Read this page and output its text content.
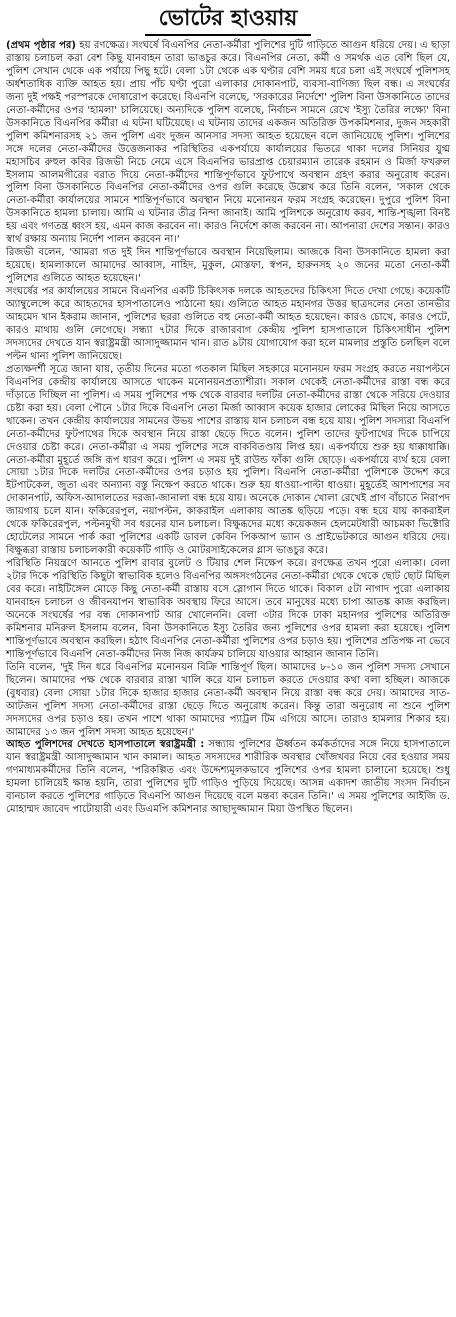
ভোটের হাওয়ায়

(প্রথম পৃষ্ঠার পর) হয় রণক্ষেত্র। সংঘর্ষে বিএনপির নেতা-কর্মীরা পুলিশের দুটি গাড়িতে আগুন ধরিয়ে দেয়। এ ছাড়া রাস্তায় চলাচল করা বেশ কিছু যানবাহন তারা ভাঙচুর করে। বিএনপির নেতা, কর্মী ও সমর্থক এত বেশি ছিল যে, পুলিশ সেখান থেকে এক পর্যায়ে পিছু হটে। বেলা ১টা থেকে এক ঘণ্টার বেশি সময় ধরে চলা এই সংঘর্ষে পুলিশসহ অর্ধশতাধিক ব্যক্তি আহত হয়। প্রায় পাঁচ ঘণ্টা পুরো এলাকার দোকানপাট, ব্যবসা-বাণিজ্য ছিল বন্ধ। এ সংঘর্ষের জন্য দুই পক্ষই পরস্পরকে দোষারোপ করেছে। বিএনপি বলেছে, 'সরকারের নির্দেশে' পুলিশ বিনা উসকানিতে তাদের নেতা-কর্মীদের ওপর 'হামলা' চালিয়েছে। অন্যদিকে পুলিশ বলেছে, নির্বাচন সামনে রেখে 'ইস্যু তৈরির লক্ষ্যে' বিনা উসকানিতে বিএনপির কর্মীরা এ ঘটনা ঘটিয়েছে। এ ঘটনায় তাদের একজন অতিরিক্ত উপকমিশনার, দুজন সহকারী পুলিশ কমিশনারসহ ২১ জন পুলিশ এবং দুজন আনসার সদস্য আহত হয়েছেন বলে জানিয়েছে পুলিশ। পুলিশের সঙ্গে দলের নেতা-কর্মীদের উত্তেজনাকর পরিস্থিতির একপর্যায়ে কার্যালয়ের ভিতরে থাকা দলের সিনিয়র যুগ্ম মহাসচিব রুহুল কবির রিজভী নিচে নেমে এসে বিএনপির ভারপ্রাপ্ত চেয়ারম্যান তারেক রহমান ও মির্জা ফখরুল ইসলাম আলমগীরের বরাত দিয়ে নেতা-কর্মীদের শান্তিপূর্ণভাবে ফুটপাথে অবস্থান গ্রহণ করার অনুরোধ করেন। পুলিশ বিনা উসকানিতে বিএনপির নেতা-কর্মীদের ওপর গুলি করেছে উল্লেখ করে তিনি বলেন, 'সকাল থেকে নেতা-কর্মীরা কার্যালয়ের সামনে শান্তিপূর্ণভাবে অবস্থান নিয়ে মনোনয়ন ফরম সংগ্রহ করেছেন। দুপুরে পুলিশ বিনা উসকানিতে হামলা চালায়। আমি এ ঘটনার তীব্র নিন্দা জানাই। আমি পুলিশকে অনুরোধ করব, শান্তি-শৃঙ্খলা বিনষ্ট হয় এবং গণতন্ত্র ধ্বংস হয়, এমন কাজ করবেন না। কারও নির্দেশে কাজ করবেন না। আপনারা দেশের সন্তান। কারও স্বার্থ রক্ষায় অন্যায় নির্দেশ পালন করবেন না।'

রিজভী বলেন, 'আমরা গত দুই দিন শান্তিপূর্ণভাবে অবস্থান নিয়েছিলাম। আজকে বিনা উসকানিতে হামলা করা হয়েছে। হামলাকালে আমাদের আব্বাস, নাহিদ, মুকুল, মোস্তফা, স্বপন, হারুনসহ ২০ জনের মতো নেতা-কর্মী পুলিশের গুলিতে আহত হয়েছেন।'

সংঘর্ষের পর কার্যালয়ের সামনে বিএনপির একটি চিকিৎসক দলকে আহতদের চিকিৎসা দিতে দেখা গেছে। কয়েকটি অ্যাম্বুলেন্সে করে আহতদের হাসপাতালেও পাঠানো হয়। গুলিতে আহত মহানগর উত্তর ছাত্রদলের নেতা তানভীর আহমেদ খান ইকরাম জানান, পুলিশের ছররা গুলিতে বহু নেতা-কর্মী আহত হয়েছেন। কারও চোখে, কারও পেটে, কারও মাথায় গুলি লেগেছে। সন্ধ্যা ৭টার দিকে রাজারবাগ কেন্দ্রীয় পুলিশ হাসপাতালে চিকিৎসাধীন পুলিশ সদস্যদের দেখতে যান স্বরাষ্ট্রমন্ত্রী আসাদুজ্জামান খান। রাত ৯টায় যোগাযোগ করা হলে মামলার প্রস্তুতি চলছিল বলে পল্টন থানা পুলিশ জানিয়েছে।

প্রত্যক্ষদর্শী সূত্রে জানা যায়, তৃতীয় দিনের মতো গতকাল মিছিল সহকারে মনোনয়ন ফরম সংগ্রহ করতে নয়াপল্টনে বিএনপির কেন্দ্রীয় কার্যালয়ে আসতে থাকেন মনোনয়নপ্রত্যাশীরা। সকাল থেকেই নেতা-কর্মীদের রাস্তা বন্ধ করে দাঁড়াতে দিচ্ছিল না পুলিশ। এ সময় পুলিশের পক্ষ থেকে বারবার দলটির নেতা-কর্মীদের রাস্তা থেকে সরিয়ে দেওয়ার চেষ্টা করা হয়। বেলা পৌনে ১টার দিকে বিএনপি নেতা মির্জা আব্বাস কয়েক হাজার লোকের মিছিল নিয়ে আসতে থাকেন। তখন কেন্দ্রীয় কার্যালয়ের সামনের উভয় পাশের রাস্তায় যান চলাচল বন্ধ হয়ে যায়। পুলিশ সদস্যরা বিএনপি নেতা-কর্মীদের ফুটপাথের দিকে অবস্থান নিয়ে রাস্তা ছেড়ে দিতে বলেন। পুলিশ তাদের ফুটপাথের দিকে চাপিয়ে দেওয়ার চেষ্টা করে। নেতা-কর্মীরা এ সময় পুলিশের সঙ্গে বাকবিতণ্ডায় লিপ্ত হয়। একপর্যায়ে শুরু হয় ধাক্কাধাক্কি। নেতা-কর্মীরা মুহূর্তে জঙ্গি রূপ ধারণ করে। পুলিশ এ সময় দুই রাউন্ড ফাঁকা গুলি ছোড়ে। একপর্যায়ে ব্যর্থ হয়ে বেলা সোয়া ১টার দিকে দলটির নেতা-কর্মীদের ওপর চড়াও হয় পুলিশ। বিএনপি নেতা-কর্মীরা পুলিশকে উদ্দেশ করে ইটপাটকেল, জুতা এবং অন্যান্য বস্তু নিক্ষেপ করতে থাকে। শুরু হয় ধাওয়া-পাল্টা ধাওয়া। মুহূর্তেই আশপাশের সব দোকানপাট, অফিস-আদালতের দরজা-জানালা বন্ধ হয়ে যায়। অনেকে দোকান খোলা রেখেই প্রাণ বাঁচাতে নিরাপদ জায়গায় চলে যান। ফকিরেরপুল, নয়াপল্টন, কাকরাইল এলাকায় আতঙ্ক ছড়িয়ে পড়ে। বন্ধ হয়ে যায় কাকরাইল থেকে ফকিরেরপুল, পল্টনমুখী সব ধরনের যান চলাচল। বিক্ষুব্ধদের মধ্যে কয়েকজন হেলমেটধারী আচমকা ভিক্টোরি হোটেলের সামনে পার্ক করা পুলিশের একটি ডাবল কেবিন পিকআপ ভ্যান ও প্রাইভেটকারে আগুন ধরিয়ে দেয়। বিক্ষুব্ধরা রাস্তায় চলাচলকারী কয়েকটি গাড়ি ও মোটরসাইকেলের গ্লাস ভাঙচুর করে।

পরিস্থিতি নিয়ন্ত্রণে আনতে পুলিশ রাবার বুলেট ও টিয়ার শেল নিক্ষেপ করে। রণক্ষেত্র তখন পুরো এলাকা। বেলা ২টার দিকে পরিস্থিতি কিছুটা স্বাভাবিক হলেও বিএনপির অঙ্গসংগঠনের নেতা-কর্মীরা থেকে থেকে ছোট ছোট মিছিল বের করে। নাইটিঙ্গেল মোড়ে কিছু নেতা-কর্মী রাস্তায় বসে স্লোগান দিতে থাকে। বিকাল ৫টা নাগাদ পুরো এলাকায় যানবাহন চলাচল ও জীবনযাপন স্বাভাবিক অবস্থায় ফিরে আসে। তবে মানুষের মধ্যে চাপা আতঙ্ক কাজ করছিল। অনেকে সংঘর্ষের পর বন্ধ দোকানপাট আর খোলেননি। বেলা ৩টার দিকে ঢাকা মহানগর পুলিশের অতিরিক্ত কমিশনার মনিরুল ইসলাম বলেন, বিনা উসকানিতে ইস্যু তৈরির জন্য পুলিশের ওপর হামলা করা হয়েছে। পুলিশ শান্তিপূর্ণভাবে অবস্থান করছিল। হঠাৎ বিএনপির নেতা-কর্মীরা পুলিশের ওপর চড়াও হয়। পুলিশের প্রতিপক্ষ না ভেবে শান্তিপূর্ণভাবে বিএনপি নেতা-কর্মীদের নিজ নিজ কার্যক্রম চালিয়ে যাওয়ার আহ্বান জানান তিনি।

তিনি বলেন, 'দুই দিন ধরে বিএনপির মনোনয়ন বিক্রি শান্তিপূর্ণ ছিল। আমাদের ৮-১০ জন পুলিশ সদস্য সেখানে ছিলেন। আমাদের পক্ষ থেকে বারবার রাস্তা খালি করে যান চলাচল করতে দেওয়ার কথা বলা হচ্ছিল। আজকে (বুধবার) বেলা সোয়া ১টার দিকে হাজার হাজার নেতা-কর্মী অবস্থান নিয়ে রাস্তা বন্ধ করে দেয়। আমাদের সাত-আটজন পুলিশ সদস্য নেতা-কর্মীদের রাস্তা ছেড়ে দিতে অনুরোধ করেন। কিন্তু তারা অনুরোধ না শুনে পুলিশ সদস্যদের ওপর চড়াও হয়। তখন পাশে থাকা আমাদের প্যাট্রল টিম এগিয়ে আসে। তারাও হামলার শিকার হয়। আমাদের ১৩ জন পুলিশ সদস্য আহত হয়েছেন।'

আহত পুলিশদের দেখতে হাসপাতালে স্বরাষ্ট্রমন্ত্রী : সন্ধ্যায় পুলিশের ঊর্ধ্বতন কর্মকর্তাদের সঙ্গে নিয়ে হাসপাতালে যান স্বরাষ্ট্রমন্ত্রী আসাদুজ্জামান খান কামাল। আহত সদস্যদের শারীরিক অবস্থার খোঁজখবর নিয়ে বের হওয়ার সময় গণমাধ্যমকর্মীদের তিনি বলেন, 'পরিকল্পিত এবং উদ্দেশ্যমূলকভাবে পুলিশের ওপর হামলা চালানো হয়েছে। শুধু হামলা চালিয়েই ক্ষান্ত হয়নি, তারা পুলিশের দুটি গাড়িও পুড়িয়ে দিয়েছে। আসন্ন একাদশ জাতীয় সংসদ নির্বাচন বানচাল করতে পুলিশের গাড়িতে বিএনপি আগুন দিয়েছে বলে মন্তব্য করেন তিনি।' এ সময় পুলিশের আইজি ড. মোহাম্মদ জাবেদ পাটোয়ারী এবং ডিএমপি কমিশনার আছাদুজ্জামান মিয়া উপস্থিত ছিলেন।
